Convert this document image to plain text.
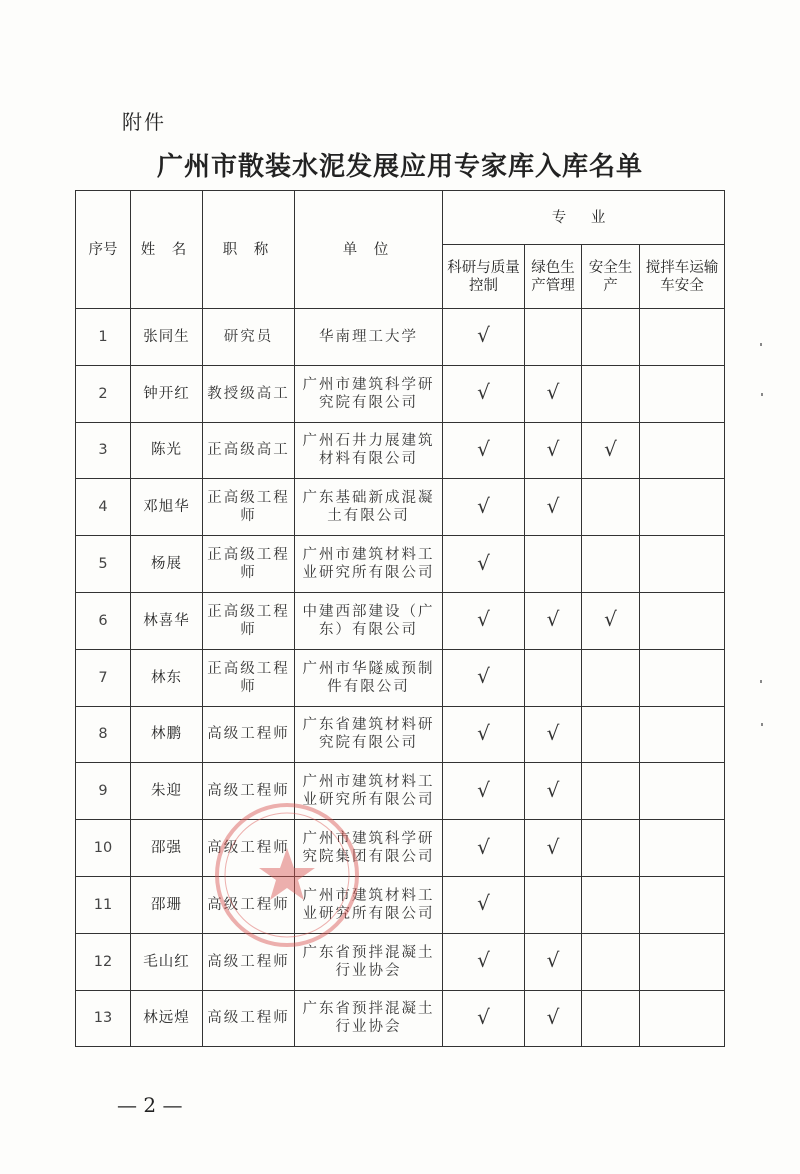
附件
广州市散装水泥发展应用专家库入库名单
序号	姓 名	职 称	单 位	专 业			
				科研与质量控制	绿色生产管理	安全生产	搅拌车运输车安全
1	张同生	研究员	华南理工大学	√			
2	钟开红	教授级高工	广州市建筑科学研究院有限公司	√	√		
3	陈光	正高级高工	广州石井力展建筑材料有限公司	√	√	√	
4	邓旭华	正高级工程师	广东基础新成混凝土有限公司	√	√		
5	杨展	正高级工程师	广州市建筑材料工业研究所有限公司	√			
6	林喜华	正高级工程师	中建西部建设（广东）有限公司	√	√	√	
7	林东	正高级工程师	广州市华隧威预制件有限公司	√			
8	林鹏	高级工程师	广东省建筑材料研究院有限公司	√	√		
9	朱迎	高级工程师	广州市建筑材料工业研究所有限公司	√	√		
10	邵强	高级工程师	广州市建筑科学研究院集团有限公司	√	√		
11	邵珊	高级工程师	广州市建筑材料工业研究所有限公司	√			
12	毛山红	高级工程师	广东省预拌混凝土行业协会	√	√		
13	林远煌	高级工程师	广东省预拌混凝土行业协会	√	√		
— 2 —
